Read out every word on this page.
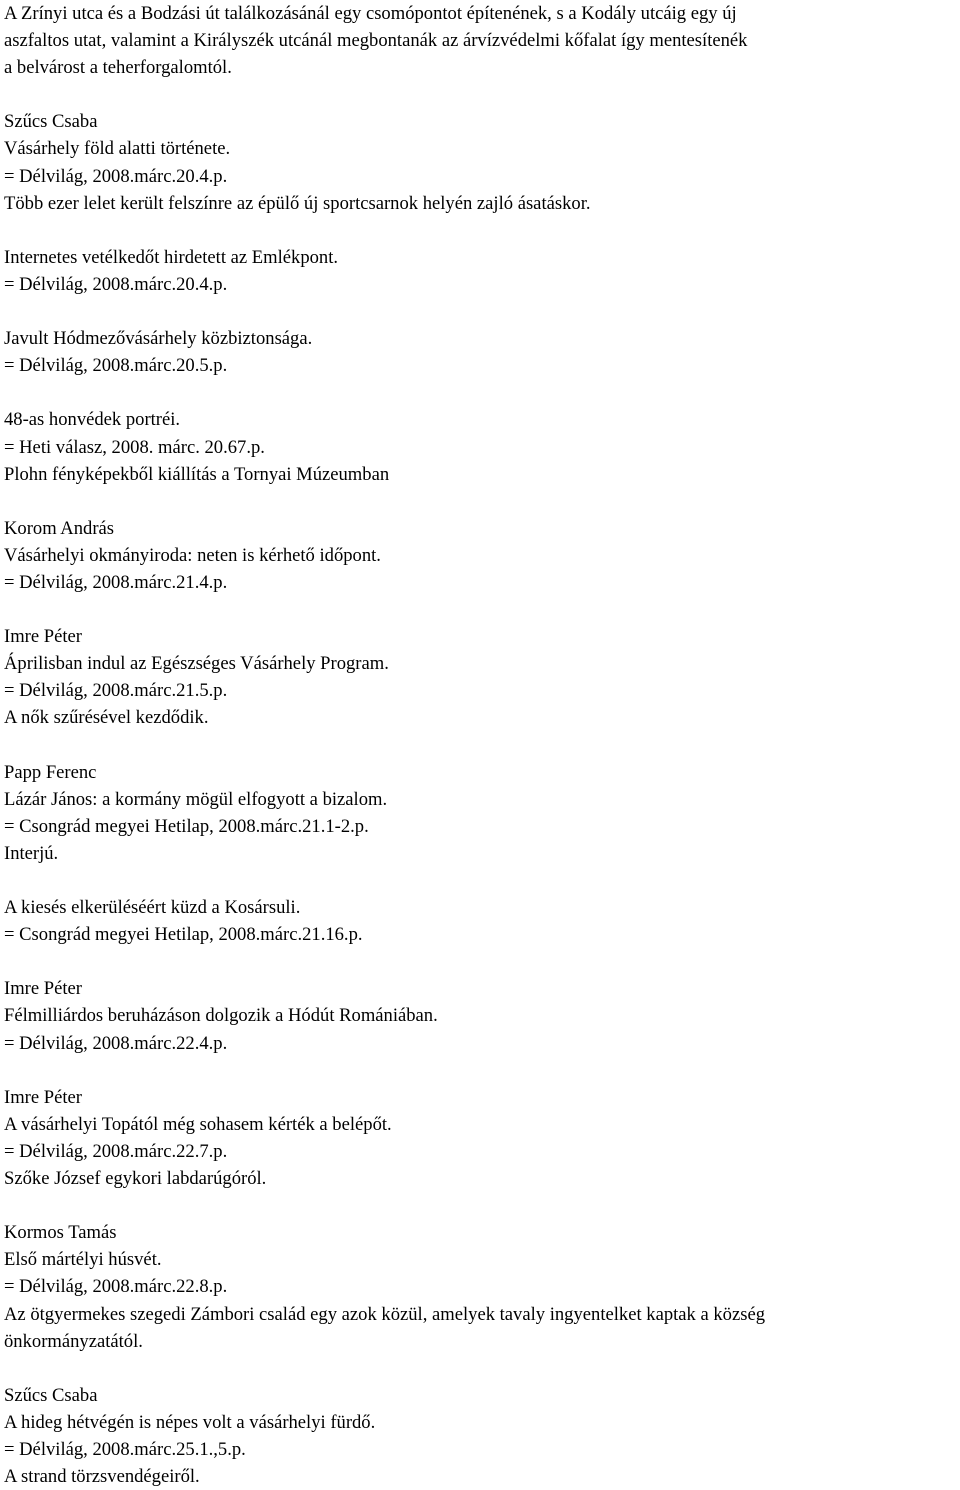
A Zrínyi utca és a Bodzási út találkozásánál egy csomópontot építenének, s a Kodály utcáig egy új
aszfaltos utat, valamint a Királyszék utcánál megbontanák az árvízvédelmi kőfalat így mentesítenék
a belvárost a teherforgalomtól.
Szűcs Csaba
Vásárhely föld alatti története.
= Délvilág, 2008.márc.20.4.p.
Több ezer lelet került felszínre az épülő új sportcsarnok helyén zajló ásatáskor.
Internetes vetélkedőt hirdetett az Emlékpont.
= Délvilág, 2008.márc.20.4.p.
Javult Hódmezővásárhely közbiztonsága.
= Délvilág, 2008.márc.20.5.p.
48-as honvédek portréi.
= Heti válasz, 2008. márc. 20.67.p.
Plohn fényképekből kiállítás a Tornyai Múzeumban
Korom András
Vásárhelyi okmányiroda: neten is kérhető időpont.
= Délvilág, 2008.márc.21.4.p.
Imre Péter
Áprilisban indul az Egészséges Vásárhely Program.
= Délvilág, 2008.márc.21.5.p.
A nők szűrésével kezdődik.
Papp Ferenc
Lázár János: a kormány mögül elfogyott a bizalom.
= Csongrád megyei Hetilap, 2008.márc.21.1-2.p.
Interjú.
A kiesés elkerüléséért küzd a Kosársuli.
= Csongrád megyei Hetilap, 2008.márc.21.16.p.
Imre Péter
Félmilliárdos beruházáson dolgozik a Hódút Romániában.
= Délvilág, 2008.márc.22.4.p.
Imre Péter
A vásárhelyi Topától még sohasem kérték a belépőt.
= Délvilág, 2008.márc.22.7.p.
Szőke József egykori labdarúgóról.
Kormos Tamás
Első mártélyi húsvét.
= Délvilág, 2008.márc.22.8.p.
Az ötgyermekes szegedi Zámbori család egy azok közül, amelyek tavaly ingyentelket kaptak a község
önkormányzatától.
Szűcs Csaba
A hideg hétvégén is népes volt a vásárhelyi fürdő.
= Délvilág, 2008.márc.25.1.,5.p.
A strand törzsvendégeiről.
